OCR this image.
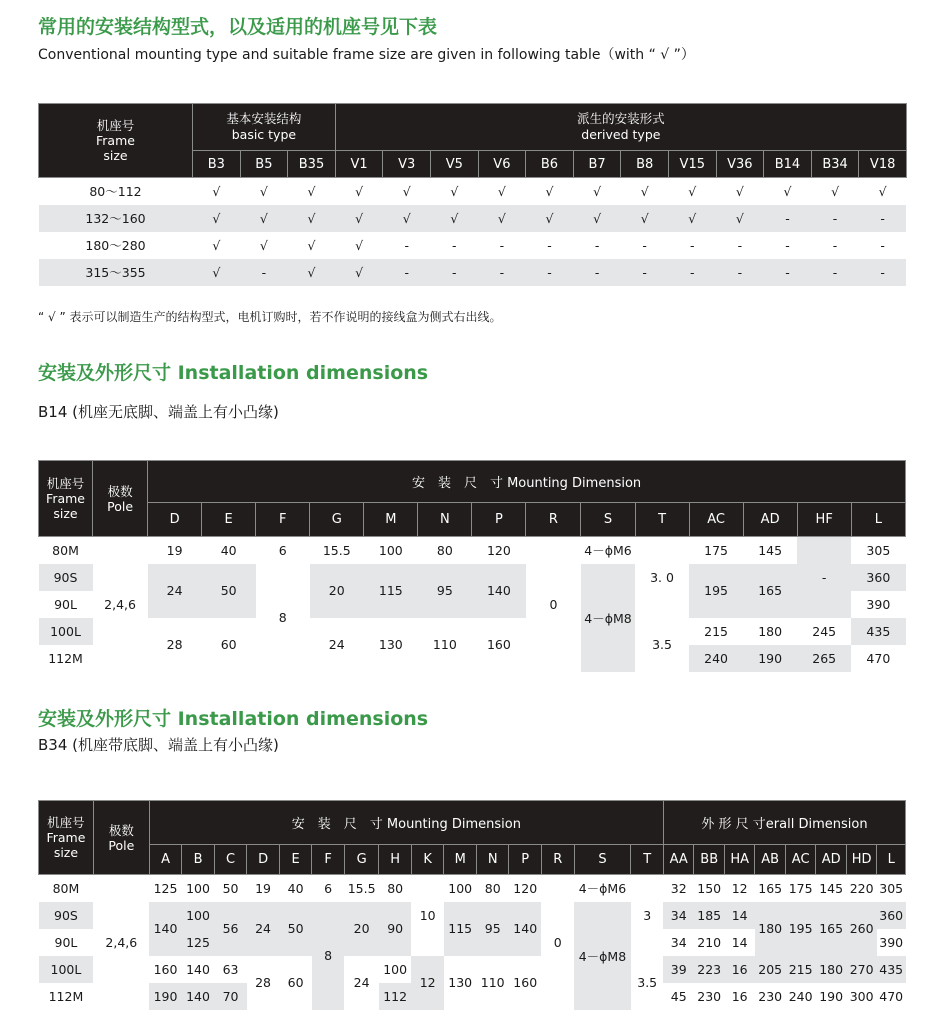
常用的安装结构型式，以及适用的机座号见下表
Conventional mounting type and suitable frame size are given in following table（with “ √ ”）
机座号
Frame
size	基本安装结构
basic type			派生的安装形式
derived type											
	B3	B5	B35	V1	V3	V5	V6	B6	B7	B8	V15	V36	B14	B34	V18
80～112	√	√	√	√	√	√	√	√	√	√	√	√	√	√	√
132～160	√	√	√	√	√	√	√	√	√	√	√	√	-	-	-
180～280	√	√	√	√	-	-	-	-	-	-	-	-	-	-	-
315～355	√	-	√	√	-	-	-	-	-	-	-	-	-	-	-
“ √ ” 表示可以制造生产的结构型式，电机订购时，若不作说明的接线盒为侧式右出线。
安装及外形尺寸 Installation dimensions
B14 (机座无底脚、端盖上有小凸缘)
机座号
Frame
size	极数
Pole	安　装　尺　寸 Mounting Dimension													
		D	E	F	G	M	N	P	R	S	T	AC	AD	HF	L
80M	2,4,6	19	40	6	15.5	100	80	120	0	4－ϕM6	3. 0	175	145	-	305
90S		24	50	8	20	115	95	140		4－ϕM8		195	165		360
90L															390
100L		28	60		24	130	110	160			3.5	215	180	245	435
112M												240	190	265	470
安装及外形尺寸 Installation dimensions
B34 (机座带底脚、端盖上有小凸缘)
机座号
Frame
size	极数
Pole	安　装　尺　寸 Mounting Dimension															外 形 尺 寸erall Dimension							
		A	B	C	D	E	F	G	H	K	M	N	P	R	S	T	AA	BB	HA	AB	AC	AD	HD	L
80M	2,4,6	125	100	50	19	40	6	15.5	80	10	100	80	120	0	4－ϕM6	3	32	150	12	165	175	145	220	305
90S		140	100	56	24	50	8	20	90		115	95	140		4－ϕM8		34	185	14	180	195	165	260	360
90L			125														34	210	14					390
100L		160	140	63	28	60		24	100	12	130	110	160			3.5	39	223	16	205	215	180	270	435
112M		190	140	70					112								45	230	16	230	240	190	300	470
